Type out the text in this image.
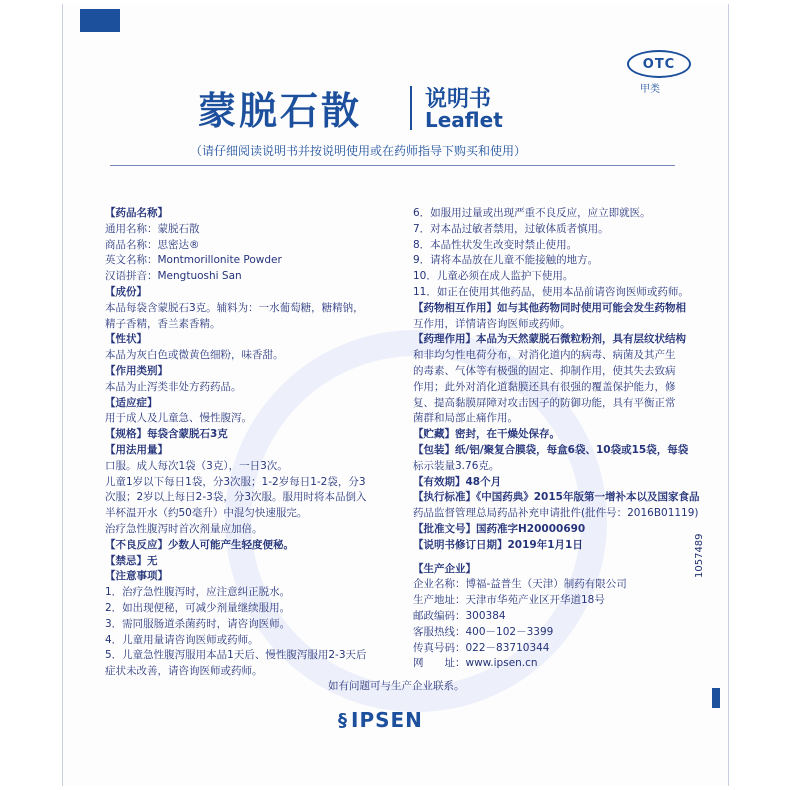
OTC
甲类
蒙脱石散	说明书
Leaflet
（请仔细阅读说明书并按说明使用或在药师指导下购买和使用）
【药品名称】
通用名称：蒙脱石散
商品名称：思密达®
英文名称：Montmorillonite Powder
汉语拼音：Mengtuoshi San
【成份】
本品每袋含蒙脱石3克。辅料为：一水葡萄糖，糖精钠，
精子香精，香兰素香精。
【性状】
本品为灰白色或微黄色细粉，味香甜。
【作用类别】
本品为止泻类非处方药药品。
【适应症】
用于成人及儿童急、慢性腹泻。
【规格】每袋含蒙脱石3克
【用法用量】
口服。成人每次1袋（3克），一日3次。
儿童1岁以下每日1袋，分3次服；1-2岁每日1-2袋，分3
次服；2岁以上每日2-3袋，分3次服。服用时将本品倒入
半杯温开水（约50毫升）中混匀快速服完。
治疗急性腹泻时首次剂量应加倍。
【不良反应】少数人可能产生轻度便秘。
【禁忌】无
【注意事项】
1．治疗急性腹泻时，应注意纠正脱水。
2．如出现便秘，可减少剂量继续服用。
3．需同服肠道杀菌药时，请咨询医师。
4．儿童用量请咨询医师或药师。
5．儿童急性腹泻服用本品1天后、慢性腹泻服用2-3天后
症状未改善，请咨询医师或药师。
6．如服用过量或出现严重不良反应，应立即就医。
7．对本品过敏者禁用，过敏体质者慎用。
8．本品性状发生改变时禁止使用。
9．请将本品放在儿童不能接触的地方。
10．儿童必须在成人监护下使用。
11．如正在使用其他药品，使用本品前请咨询医师或药师。
【药物相互作用】如与其他药物同时使用可能会发生药物相
互作用，详情请咨询医师或药师。
【药理作用】本品为天然蒙脱石微粒粉剂，具有层纹状结构
和非均匀性电荷分布，对消化道内的病毒、病菌及其产生
的毒素、气体等有极强的固定、抑制作用，使其失去致病
作用；此外对消化道黏膜还具有很强的覆盖保护能力，修
复、提高黏膜屏障对攻击因子的防御功能，具有平衡正常
菌群和局部止痛作用。
【贮藏】密封，在干燥处保存。
【包装】纸/铝/聚复合膜袋，每盒6袋、10袋或15袋，每袋
标示装量3.76克。
【有效期】48个月
【执行标准】《中国药典》2015年版第一增补本以及国家食品
药品监督管理总局药品补充申请批件(批件号：2016B01119)
【批准文号】国药准字H20000690
【说明书修订日期】2019年1月1日
【生产企业】
企业名称：博福-益普生（天津）制药有限公司
生产地址：天津市华苑产业区开华道18号
邮政编码：300384
客服热线：400－102－3399
传真号码：022－83710344
网　　址：www.ipsen.cn
1057489
如有问题可与生产企业联系。
§ IPSEN
